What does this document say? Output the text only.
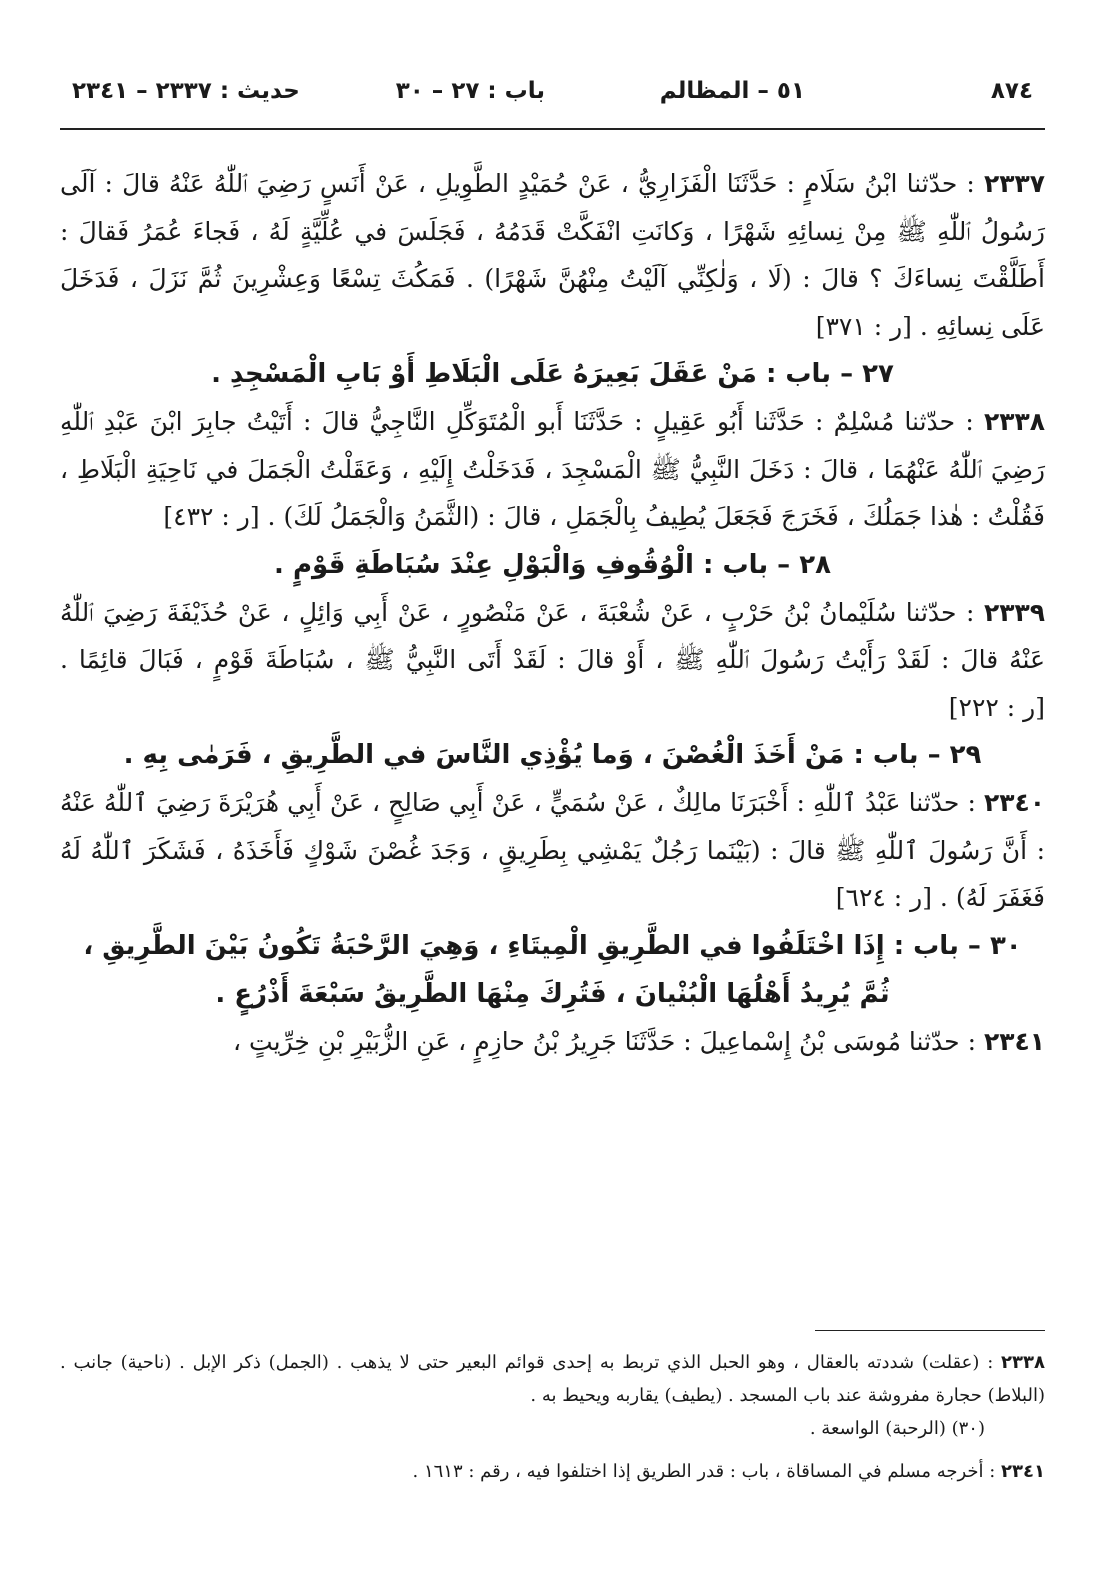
٨٧٤
٥١ – المظالم
باب : ٢٧ – ٣٠
حديث : ٢٣٣٧ – ٢٣٤١

٢٣٣٧ : حدّثنا ابْنُ سَلَامٍ : حَدَّثَنَا الْفَزَارِيُّ ، عَنْ حُمَيْدٍ الطَّوِيلِ ، عَنْ أَنَسٍ رَضِيَ ٱللّٰهُ عَنْهُ قالَ : آلَى رَسُولُ ٱللّٰهِ ﷺ مِنْ نِسائِهِ شَهْرًا ، وَكانَتِ انْفَكَّتْ قَدَمُهُ ، فَجَلَسَ في عُلِّيَّةٍ لَهُ ، فَجاءَ عُمَرُ فَقالَ : أَطَلَّقْتَ نِساءَكَ ؟ قالَ : (لَا ، وَلٰكِنِّي آلَيْتُ مِنْهُنَّ شَهْرًا) . فَمَكُثَ تِسْعًا وَعِشْرِينَ ثُمَّ نَزَلَ ، فَدَخَلَ عَلَى نِسائِهِ . [ر : ٣٧١]

٢٧ – باب : مَنْ عَقَلَ بَعِيرَهُ عَلَى الْبَلَاطِ أَوْ بَابِ الْمَسْجِدِ .

٢٣٣٨ : حدّثنا مُسْلِمٌ : حَدَّثَنا أَبُو عَقِيلٍ : حَدَّثَنَا أَبو الْمُتَوَكِّلِ النَّاجِيُّ قالَ : أَتَيْتُ جابِرَ ابْنَ عَبْدِ ٱللّٰهِ رَضِيَ ٱللّٰهُ عَنْهُمَا ، قالَ : دَخَلَ النَّبِيُّ ﷺ الْمَسْجِدَ ، فَدَخَلْتُ إِلَيْهِ ، وَعَقَلْتُ الْجَمَلَ في نَاحِيَةِ الْبَلَاطِ ، فَقُلْتُ : هٰذا جَمَلُكَ ، فَخَرَجَ فَجَعَلَ يُطِيفُ بِالْجَمَلِ ، قالَ : (الثَّمَنُ وَالْجَمَلُ لَكَ) . [ر : ٤٣٢]

٢٨ – باب : الْوُقُوفِ وَالْبَوْلِ عِنْدَ سُبَاطَةِ قَوْمٍ .

٢٣٣٩ : حدّثنا سُلَيْمانُ بْنُ حَرْبٍ ، عَنْ شُعْبَةَ ، عَنْ مَنْصُورٍ ، عَنْ أَبِي وَائِلٍ ، عَنْ حُذَيْفَةَ رَضِيَ ٱللّٰهُ عَنْهُ قالَ : لَقَدْ رَأَيْتُ رَسُولَ ٱللّٰهِ ﷺ ، أَوْ قالَ : لَقَدْ أَتَى النَّبِيُّ ﷺ ، سُبَاطَةَ قَوْمٍ ، فَبَالَ قائِمًا . [ر : ٢٢٢]

٢٩ – باب : مَنْ أَخَذَ الْغُصْنَ ، وَما يُؤْذِي النَّاسَ في الطَّرِيقِ ، فَرَمٰى بِهِ .

٢٣٤٠ : حدّثنا عَبْدُ ٱللّٰهِ : أَخْبَرَنَا مالِكٌ ، عَنْ سُمَيٍّ ، عَنْ أَبِي صَالِحٍ ، عَنْ أَبِي هُرَيْرَةَ رَضِيَ ٱللّٰهُ عَنْهُ : أَنَّ رَسُولَ ٱللّٰهِ ﷺ قالَ : (بَيْنَما رَجُلٌ يَمْشِي بِطَرِيقٍ ، وَجَدَ غُصْنَ شَوْكٍ فَأَخَذَهُ ، فَشَكَرَ ٱللّٰهُ لَهُ فَغَفَرَ لَهُ) . [ر : ٦٢٤]

٣٠ – باب : إِذَا اخْتَلَفُوا في الطَّرِيقِ الْمِيتَاءِ ، وَهِيَ الرَّحْبَةُ تَكُونُ بَيْنَ الطَّرِيقِ ،

ثُمَّ يُرِيدُ أَهْلُهَا الْبُنْيانَ ، فَتُرِكَ مِنْهَا الطَّرِيقُ سَبْعَةَ أَذْرُعٍ .

٢٣٤١ : حدّثنا مُوسَى بْنُ إِسْماعِيلَ : حَدَّثَنَا جَرِيرُ بْنُ حازِمٍ ، عَنِ الزُّبَيْرِ بْنِ خِرِّيتٍ ،

٢٣٣٨ : (عقلت) شددته بالعقال ، وهو الحبل الذي تربط به إحدى قوائم البعير حتى لا يذهب . (الجمل) ذكر الإبل . (ناحية) جانب . (البلاط) حجارة مفروشة عند باب المسجد . (يطيف) يقاربه ويحيط به .

(٣٠) (الرحبة) الواسعة .

٢٣٤١ : أخرجه مسلم في المساقاة ، باب : قدر الطريق إذا اختلفوا فيه ، رقم : ١٦١٣ .
